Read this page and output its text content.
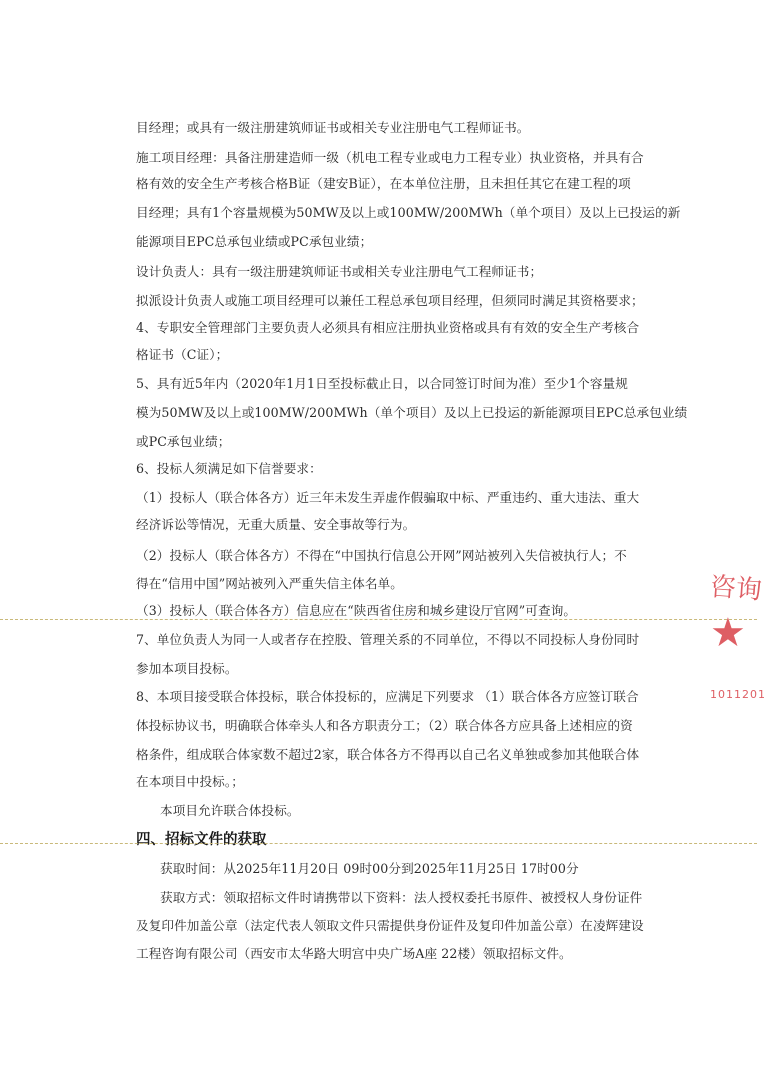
目经理；或具有一级注册建筑师证书或相关专业注册电气工程师证书。
施工项目经理：具备注册建造师一级（机电工程专业或电力工程专业）执业资格，并具有合
格有效的安全生产考核合格B证（建安B证），在本单位注册，且未担任其它在建工程的项
目经理；具有1个容量规模为50MW及以上或100MW/200MWh（单个项目）及以上已投运的新
能源项目EPC总承包业绩或PC承包业绩；
设计负责人：具有一级注册建筑师证书或相关专业注册电气工程师证书；
拟派设计负责人或施工项目经理可以兼任工程总承包项目经理，但须同时满足其资格要求；
4、专职安全管理部门主要负责人必须具有相应注册执业资格或具有有效的安全生产考核合
格证书（C证）；
5、具有近5年内（2020年1月1日至投标截止日，以合同签订时间为准）至少1个容量规
模为50MW及以上或100MW/200MWh（单个项目）及以上已投运的新能源项目EPC总承包业绩
或PC承包业绩；
6、投标人须满足如下信誉要求：
（1）投标人（联合体各方）近三年未发生弄虚作假骗取中标、严重违约、重大违法、重大
经济诉讼等情况，无重大质量、安全事故等行为。
（2）投标人（联合体各方）不得在“中国执行信息公开网”网站被列入失信被执行人；不
得在“信用中国”网站被列入严重失信主体名单。
（3）投标人（联合体各方）信息应在“陕西省住房和城乡建设厅官网”可查询。
7、单位负责人为同一人或者存在控股、管理关系的不同单位，不得以不同投标人身份同时
参加本项目投标。
8、本项目接受联合体投标，联合体投标的，应满足下列要求 （1）联合体各方应签订联合
体投标协议书，明确联合体牵头人和各方职责分工；（2）联合体各方应具备上述相应的资
格条件，组成联合体家数不超过2家，联合体各方不得再以自己名义单独或参加其他联合体
在本项目中投标。；
本项目允许联合体投标。
四、招标文件的获取
获取时间：从2025年11月20日 09时00分到2025年11月25日 17时00分
获取方式：领取招标文件时请携带以下资料：法人授权委托书原件、被授权人身份证件
及复印件加盖公章（法定代表人领取文件只需提供身份证件及复印件加盖公章）在凌辉建设
工程咨询有限公司（西安市太华路大明宫中央广场A座 22楼）领取招标文件。
咨询
★
1011201
